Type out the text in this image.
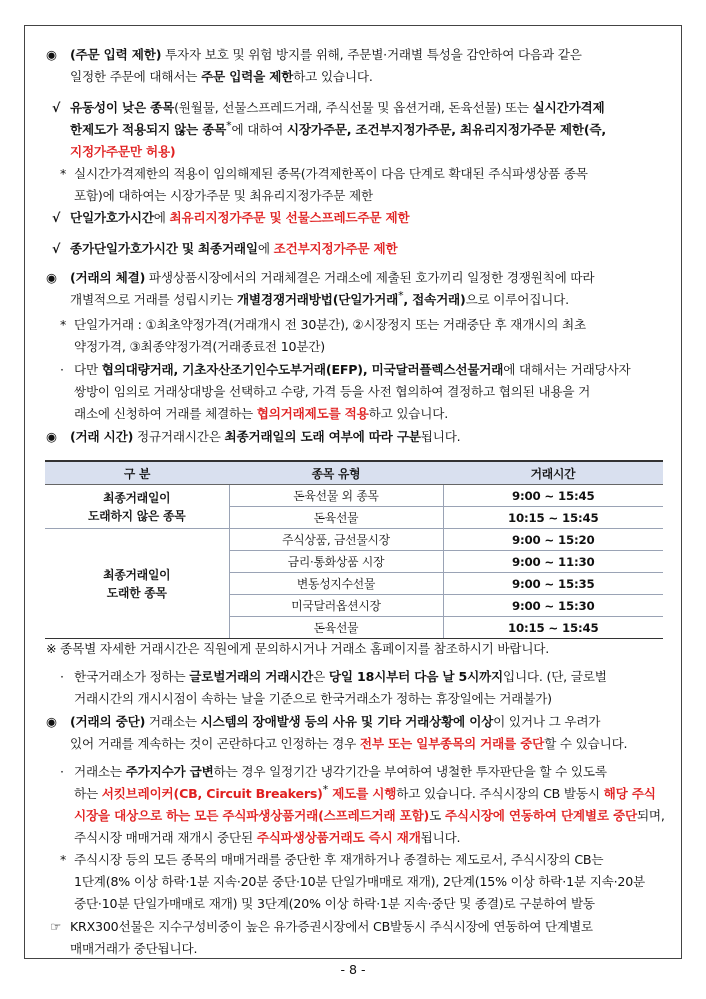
◉ (주문 입력 제한) 투자자 보호 및 위험 방지를 위해, 주문별·거래별 특성을 감안하여 다음과 같은
일정한 주문에 대해서는 주문 입력을 제한하고 있습니다.
√ 유동성이 낮은 종목(원월물, 선물스프레드거래, 주식선물 및 옵션거래, 돈육선물) 또는 실시간가격제
한제도가 적용되지 않는 종목*에 대하여 시장가주문, 조건부지정가주문, 최유리지정가주문 제한(즉,
지정가주문만 허용)
* 실시간가격제한의 적용이 임의해제된 종목(가격제한폭이 다음 단계로 확대된 주식파생상품 종목
포함)에 대하여는 시장가주문 및 최유리지정가주문 제한
√ 단일가호가시간에 최유리지정가주문 및 선물스프레드주문 제한
√ 종가단일가호가시간 및 최종거래일에 조건부지정가주문 제한
◉ (거래의 체결) 파생상품시장에서의 거래체결은 거래소에 제출된 호가끼리 일정한 경쟁원칙에 따라
개별적으로 거래를 성립시키는 개별경쟁거래방법(단일가거래*, 접속거래)으로 이루어집니다.
* 단일가거래 : ①최초약정가격(거래개시 전 30분간), ②시장정지 또는 거래중단 후 재개시의 최초
약정가격, ③최종약정가격(거래종료전 10분간)
· 다만 협의대량거래, 기초자산조기인수도부거래(EFP), 미국달러플렉스선물거래에 대해서는 거래당사자
쌍방이 임의로 거래상대방을 선택하고 수량, 가격 등을 사전 협의하여 결정하고 협의된 내용을 거
래소에 신청하여 거래를 체결하는 협의거래제도를 적용하고 있습니다.
◉ (거래 시간) 정규거래시간은 최종거래일의 도래 여부에 따라 구분됩니다.
구 분	종목 유형	거래시간

최종거래일이
도래하지 않은 종목	돈육선물 외 종목	9:00 ~ 15:45
	돈육선물	10:15 ~ 15:45

최종거래일이
도래한 종목	주식상품, 금선물시장	9:00 ~ 15:20
	금리·통화상품 시장	9:00 ~ 11:30
	변동성지수선물	9:00 ~ 15:35
	미국달러옵션시장	9:00 ~ 15:30
	돈육선물	10:15 ~ 15:45
※ 종목별 자세한 거래시간은 직원에게 문의하시거나 거래소 홈페이지를 참조하시기 바랍니다.
· 한국거래소가 정하는 글로벌거래의 거래시간은 당일 18시부터 다음 날 5시까지입니다. (단, 글로벌
거래시간의 개시시점이 속하는 날을 기준으로 한국거래소가 정하는 휴장일에는 거래불가)
◉ (거래의 중단) 거래소는 시스템의 장애발생 등의 사유 및 기타 거래상황에 이상이 있거나 그 우려가
있어 거래를 계속하는 것이 곤란하다고 인정하는 경우 전부 또는 일부종목의 거래를 중단할 수 있습니다.
· 거래소는 주가지수가 급변하는 경우 일정기간 냉각기간을 부여하여 냉철한 투자판단을 할 수 있도록
하는 서킷브레이커(CB, Circuit Breakers)* 제도를 시행하고 있습니다. 주식시장의 CB 발동시 해당 주식
시장을 대상으로 하는 모든 주식파생상품거래(스프레드거래 포함)도 주식시장에 연동하여 단계별로 중단되며,
주식시장 매매거래 재개시 중단된 주식파생상품거래도 즉시 재개됩니다.
* 주식시장 등의 모든 종목의 매매거래를 중단한 후 재개하거나 종결하는 제도로서, 주식시장의 CB는
1단계(8% 이상 하락·1분 지속·20분 중단·10분 단일가매매로 재개), 2단계(15% 이상 하락·1분 지속·20분
중단·10분 단일가매매로 재개) 및 3단계(20% 이상 하락·1분 지속·중단 및 종결)로 구분하여 발동
☞ KRX300선물은 지수구성비중이 높은 유가증권시장에서 CB발동시 주식시장에 연동하여 단계별로
매매거래가 중단됩니다.
- 8 -
